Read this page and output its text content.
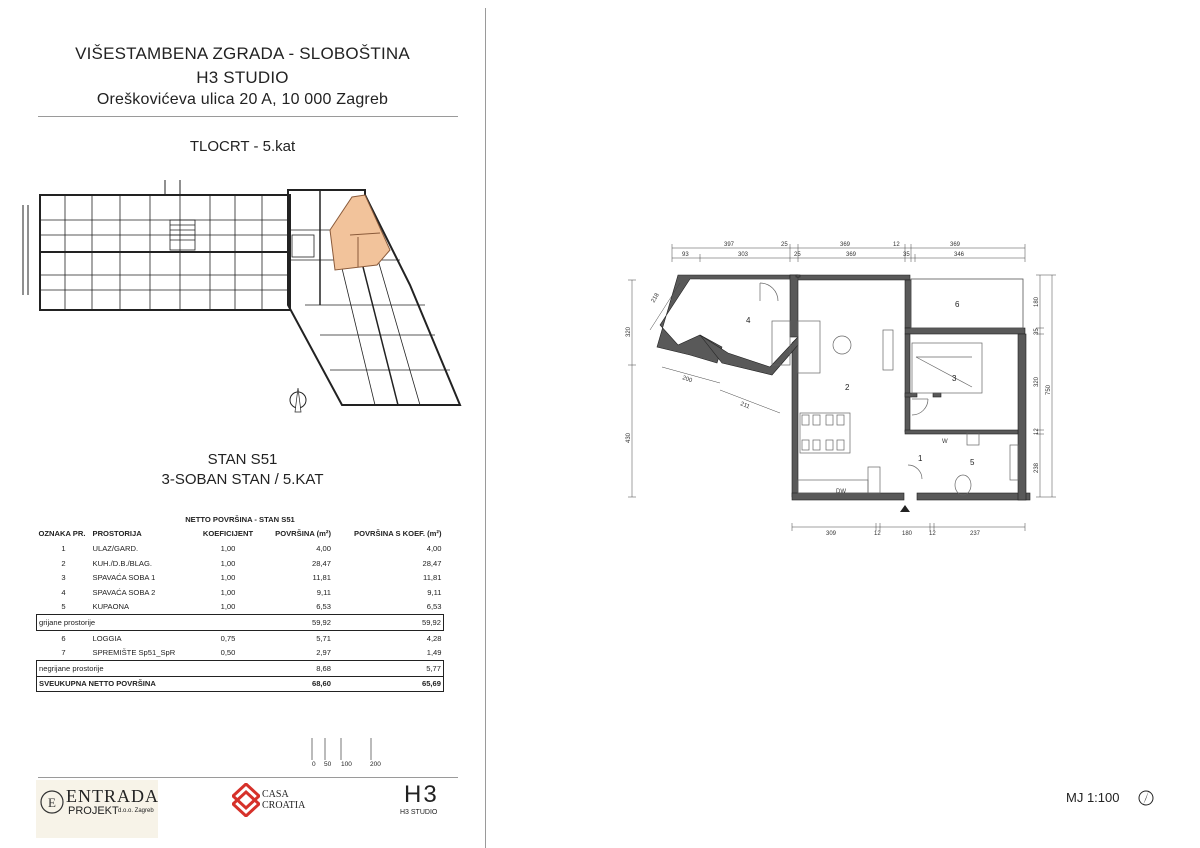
VIŠESTAMBENA ZGRADA - SLOBOŠTINA
H3 STUDIO
Oreškovićeva ulica 20 A, 10 000 Zagreb
TLOCRT - 5.kat
STAN S51
3-SOBAN STAN / 5.KAT
NETTO POVRŠINA - STAN S51				
OZNAKA PR.	PROSTORIJA	KOEFICIJENT	POVRŠINA (m²)	POVRŠINA S KOEF. (m²)
1	ULAZ/GARD.	1,00	4,00	4,00
2	KUH./D.B./BLAG.	1,00	28,47	28,47
3	SPAVAĆA SOBA 1	1,00	11,81	11,81
4	SPAVAĆA SOBA 2	1,00	9,11	9,11
5	KUPAONA	1,00	6,53	6,53
grijane prostorije			59,92	59,92
6	LOGGIA	0,75	5,71	4,28
7	SPREMIŠTE Sp51_SpR	0,50	2,97	1,49
negrijane prostorije			8,68	5,77
SVEUKUPNA NETTO POVRŠINA			68,60	65,69
0 50 100	200
E ENTRADA
PROJEKT d.o.o. Zagreb
CASA
CROATIA	H3
H3 STUDIO
4
2
3
6
1	5
DW
W
397	25	369	12	369
93	303	25	369	35	346
309	12	180	12	237
218
320
430
200
211
180
35
320
12
238
750
MJ 1:100
